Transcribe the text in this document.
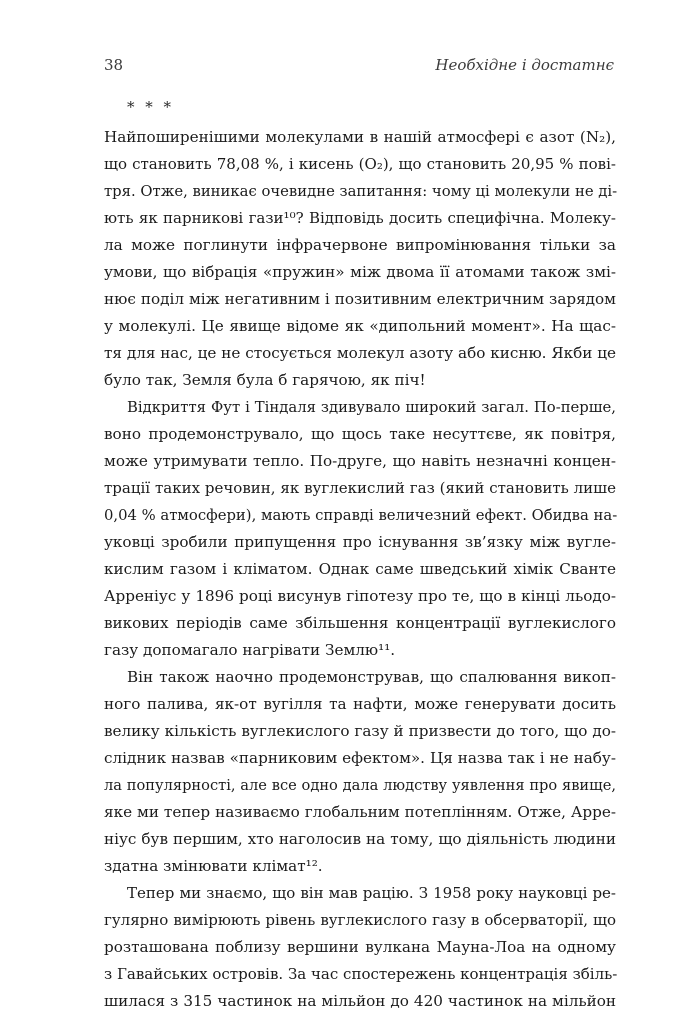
38	Необхідне і достатнє
* * *
Найпоширенішими молекулами в нашій атмосфері є азот (N₂),
що становить 78,08 %, і кисень (O₂), що становить 20,95 % пові-
тря. Отже, виникає очевидне запитання: чому ці молекули не ді-
ють як парникові гази¹⁰? Відповідь досить специфічна. Молеку-
ла може поглинути інфрачервоне випромінювання тільки за
умови, що вібрація «пружин» між двома її атомами також змі-
нює поділ між негативним і позитивним електричним зарядом
у молекулі. Це явище відоме як «дипольний момент». На щас-
тя для нас, це не стосується молекул азоту або кисню. Якби це
було так, Земля була б гарячою, як піч!
Відкриття Фут і Тіндаля здивувало широкий загал. По-перше,
воно продемонструвало, що щось таке несуттєве, як повітря,
може утримувати тепло. По-друге, що навіть незначні концен-
трації таких речовин, як вуглекислий газ (який становить лише
0,04 % атмосфери), мають справді величезний ефект. Обидва на-
уковці зробили припущення про існування зв’язку між вугле-
кислим газом і кліматом. Однак саме шведський хімік Сванте
Арреніус у 1896 році висунув гіпотезу про те, що в кінці льодо-
викових періодів саме збільшення концентрації вуглекислого
газу допомагало нагрівати Землю¹¹.
Він також наочно продемонстрував, що спалювання викоп-
ного палива, як-от вугілля та нафти, може генерувати досить
велику кількість вуглекислого газу й призвести до того, що до-
слідник назвав «парниковим ефектом». Ця назва так і не набу-
ла популярності, але все одно дала людству уявлення про явище,
яке ми тепер називаємо глобальним потеплінням. Отже, Арре-
ніус був першим, хто наголосив на тому, що діяльність людини
здатна змінювати клімат¹².
Тепер ми знаємо, що він мав рацію. З 1958 року науковці ре-
гулярно вимірюють рівень вуглекислого газу в обсерваторії, що
розташована поблизу вершини вулкана Мауна-Лоа на одному
з Гавайських островів. За час спостережень концентрація збіль-
шилася з 315 частинок на мільйон до 420 частинок на мільйон
